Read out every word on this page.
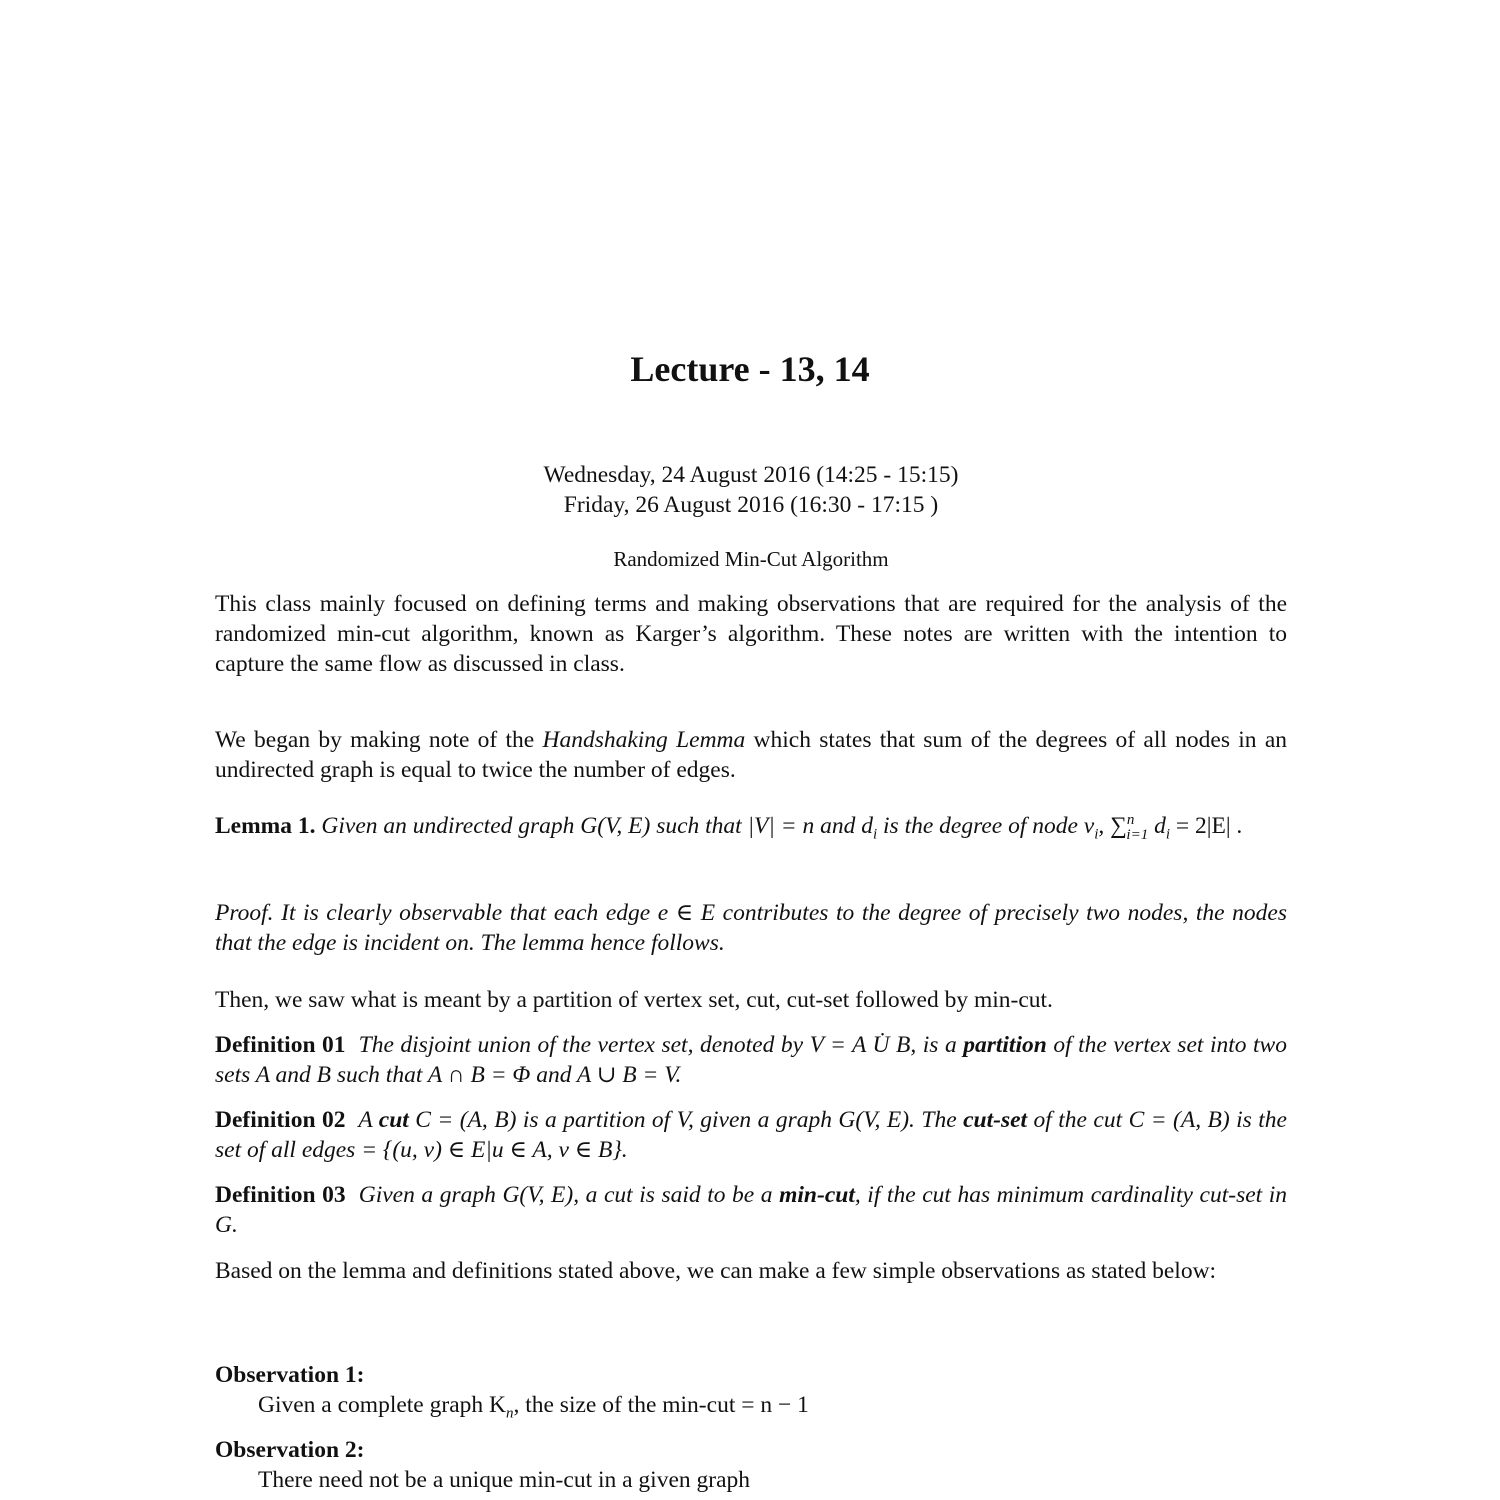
Lecture - 13, 14
Wednesday, 24 August 2016 (14:25 - 15:15)
Friday, 26 August 2016 (16:30 - 17:15 )
Randomized Min-Cut Algorithm
This class mainly focused on defining terms and making observations that are required for the analysis of the randomized min-cut algorithm, known as Karger’s algorithm. These notes are written with the intention to capture the same flow as discussed in class.
We began by making note of the Handshaking Lemma which states that sum of the degrees of all nodes in an undirected graph is equal to twice the number of edges.
Lemma 1. Given an undirected graph G(V, E) such that |V| = n and $d_i$ is the degree of node $v_i$, ∑$^n_{i=1}$ $d_i = 2|E|$ .
Proof. It is clearly observable that each edge e ∈ E contributes to the degree of precisely two nodes, the nodes that the edge is incident on. The lemma hence follows.
Then, we saw what is meant by a partition of vertex set, cut, cut-set followed by min-cut.
Definition 01 The disjoint union of the vertex set, denoted by V = A U̇ B, is a partition of the vertex set into two sets A and B such that A ∩ B = Φ and A ∪ B = V.
Definition 02 A cut C = (A, B) is a partition of V, given a graph G(V, E). The cut-set of the cut C = (A, B) is the set of all edges = {(u, v) ∈ E|u ∈ A, v ∈ B}.
Definition 03 Given a graph G(V, E), a cut is said to be a min-cut, if the cut has minimum cardinality cut-set in G.
Based on the lemma and definitions stated above, we can make a few simple observations as stated below:
Observation 1:
Given a complete graph $K_n$, the size of the min-cut = n − 1
Observation 2:
There need not be a unique min-cut in a given graph
